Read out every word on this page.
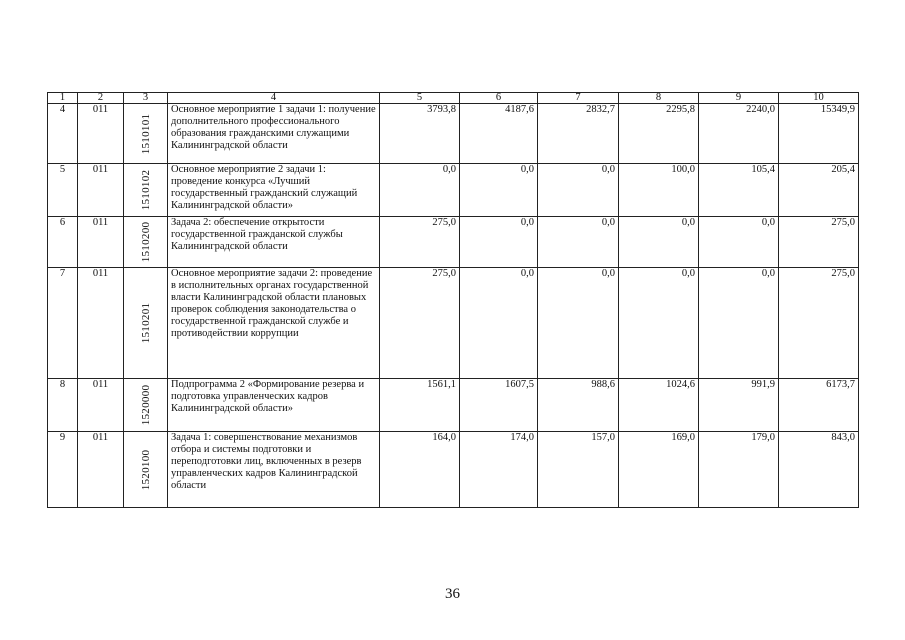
1	2	3	4	5	6	7	8	9	10
4	011	1510101	Основное мероприятие 1 задачи 1: получение дополнительного профессионального образования гражданскими служащими Калининградской области	3793,8	4187,6	2832,7	2295,8	2240,0	15349,9
5	011	1510102	Основное мероприятие 2 задачи 1: проведение конкурса «Лучший государственный гражданский служащий Калининградской области»	0,0	0,0	0,0	100,0	105,4	205,4
6	011	1510200	Задача 2: обеспечение открытости государственной гражданской службы Калининградской области	275,0	0,0	0,0	0,0	0,0	275,0
7	011	1510201	Основное мероприятие задачи 2: проведение в исполнительных органах государственной власти Калининградской области плановых проверок соблюдения законодательства о государственной гражданской службе и противодействии коррупции	275,0	0,0	0,0	0,0	0,0	275,0
8	011	1520000	Подпрограмма 2 «Формирование резерва и подготовка управленческих кадров Калининградской области»	1561,1	1607,5	988,6	1024,6	991,9	6173,7
9	011	1520100	Задача 1: совершенствование механизмов отбора и системы подготовки и переподготовки лиц, включенных в резерв управленческих кадров Калининградской области	164,0	174,0	157,0	169,0	179,0	843,0
36
